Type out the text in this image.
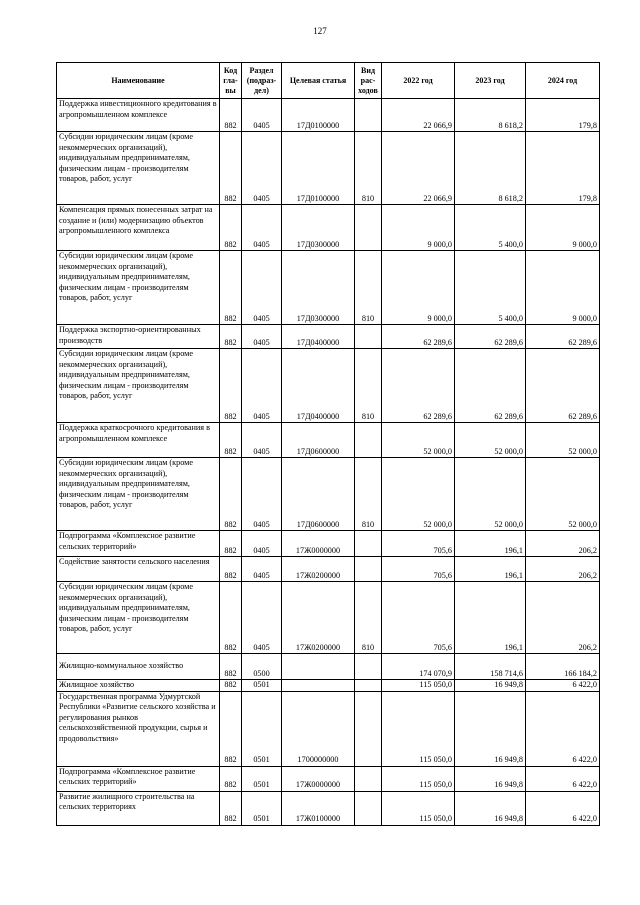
127
Наименование	Код гла-вы	Раздел (подраз-дел)	Целевая статья	Вид рас-ходов	2022 год	2023 год	2024 год
Поддержка инвестиционного кредитования в агропромышленном комплексе	882	0405	17Д0100000		22 066,9	8 618,2	179,8
Субсидии юридическим лицам (кроме некоммерческих организаций), индивидуальным предпринимателям, физическим лицам - производителям товаров, работ, услуг	882	0405	17Д0100000	810	22 066,9	8 618,2	179,8
Компенсация прямых понесенных затрат на создание и (или) модернизацию объектов агропромышленного комплекса	882	0405	17Д0300000		9 000,0	5 400,0	9 000,0
Субсидии юридическим лицам (кроме некоммерческих организаций), индивидуальным предпринимателям, физическим лицам - производителям товаров, работ, услуг	882	0405	17Д0300000	810	9 000,0	5 400,0	9 000,0
Поддержка экспортно-ориентированных производств	882	0405	17Д0400000		62 289,6	62 289,6	62 289,6
Субсидии юридическим лицам (кроме некоммерческих организаций), индивидуальным предпринимателям, физическим лицам - производителям товаров, работ, услуг	882	0405	17Д0400000	810	62 289,6	62 289,6	62 289,6
Поддержка краткосрочного кредитования в агропромышленном комплексе	882	0405	17Д0600000		52 000,0	52 000,0	52 000,0
Субсидии юридическим лицам (кроме некоммерческих организаций), индивидуальным предпринимателям, физическим лицам - производителям товаров, работ, услуг	882	0405	17Д0600000	810	52 000,0	52 000,0	52 000,0
Подпрограмма «Комплексное развитие сельских территорий»	882	0405	17Ж0000000		705,6	196,1	206,2
Содействие занятости сельского населения	882	0405	17Ж0200000		705,6	196,1	206,2
Субсидии юридическим лицам (кроме некоммерческих организаций), индивидуальным предпринимателям, физическим лицам - производителям товаров, работ, услуг	882	0405	17Ж0200000	810	705,6	196,1	206,2
Жилищно-коммунальное хозяйство	882	0500			174 070,9	158 714,6	166 184,2
Жилищное хозяйство	882	0501			115 050,0	16 949,8	6 422,0
Государственная программа Удмуртской Республики «Развитие сельского хозяйства и регулирования рынков сельскохозяйственной продукции, сырья и продовольствия»	882	0501	1700000000		115 050,0	16 949,8	6 422,0
Подпрограмма «Комплексное развитие сельских территорий»	882	0501	17Ж0000000		115 050,0	16 949,8	6 422,0
Развитие жилищного строительства на сельских территориях	882	0501	17Ж0100000		115 050,0	16 949,8	6 422,0
